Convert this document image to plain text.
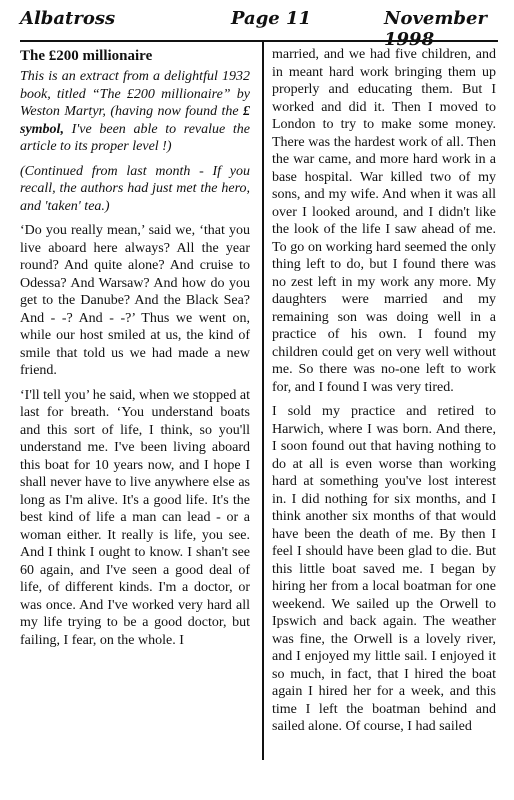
Albatross	Page 11	November 1998
The £200 millionaire

This is an extract from a delightful 1932 book, titled “The £200 millionaire” by Weston Martyr, (having now found the £ symbol, I've been able to revalue the article to its proper level !)

(Continued from last month - If you recall, the authors had just met the hero, and 'taken' tea.)

‘Do you really mean,’ said we, ‘that you live aboard here always? All the year round? And quite alone? And cruise to Odessa? And Warsaw? And how do you get to the Danube? And the Black Sea? And - -? And - -?’ Thus we went on, while our host smiled at us, the kind of smile that told us we had made a new friend.

‘I'll tell you’ he said, when we stopped at last for breath. ‘You understand boats and this sort of life, I think, so you'll understand me. I've been living aboard this boat for 10 years now, and I hope I shall never have to live anywhere else as long as I'm alive. It's a good life. It's the best kind of life a man can lead - or a woman either. It really is life, you see. And I think I ought to know. I shan't see 60 again, and I've seen a good deal of life, of different kinds. I'm a doctor, or was once. And I've worked very hard all my life trying to be a good doctor, but failing, I fear, on the whole. I

married, and we had five children, and in meant hard work bringing them up properly and educating them. But I worked and did it. Then I moved to London to try to make some money. There was the hardest work of all. Then the war came, and more hard work in a base hospital. War killed two of my sons, and my wife. And when it was all over I looked around, and I didn't like the look of the life I saw ahead of me. To go on working hard seemed the only thing left to do, but I found there was no zest left in my work any more. My daughters were married and my remaining son was doing well in a practice of his own. I found my children could get on very well without me. So there was no-one left to work for, and I found I was very tired.

I sold my practice and retired to Harwich, where I was born. And there, I soon found out that having nothing to do at all is even worse than working hard at something you've lost interest in. I did nothing for six months, and I think another six months of that would have been the death of me. By then I feel I should have been glad to die. But this little boat saved me. I began by hiring her from a local boatman for one weekend. We sailed up the Orwell to Ipswich and back again. The weather was fine, the Orwell is a lovely river, and I enjoyed my little sail. I enjoyed it so much, in fact, that I hired the boat again I hired her for a week, and this time I left the boatman behind and sailed alone. Of course, I had sailed
